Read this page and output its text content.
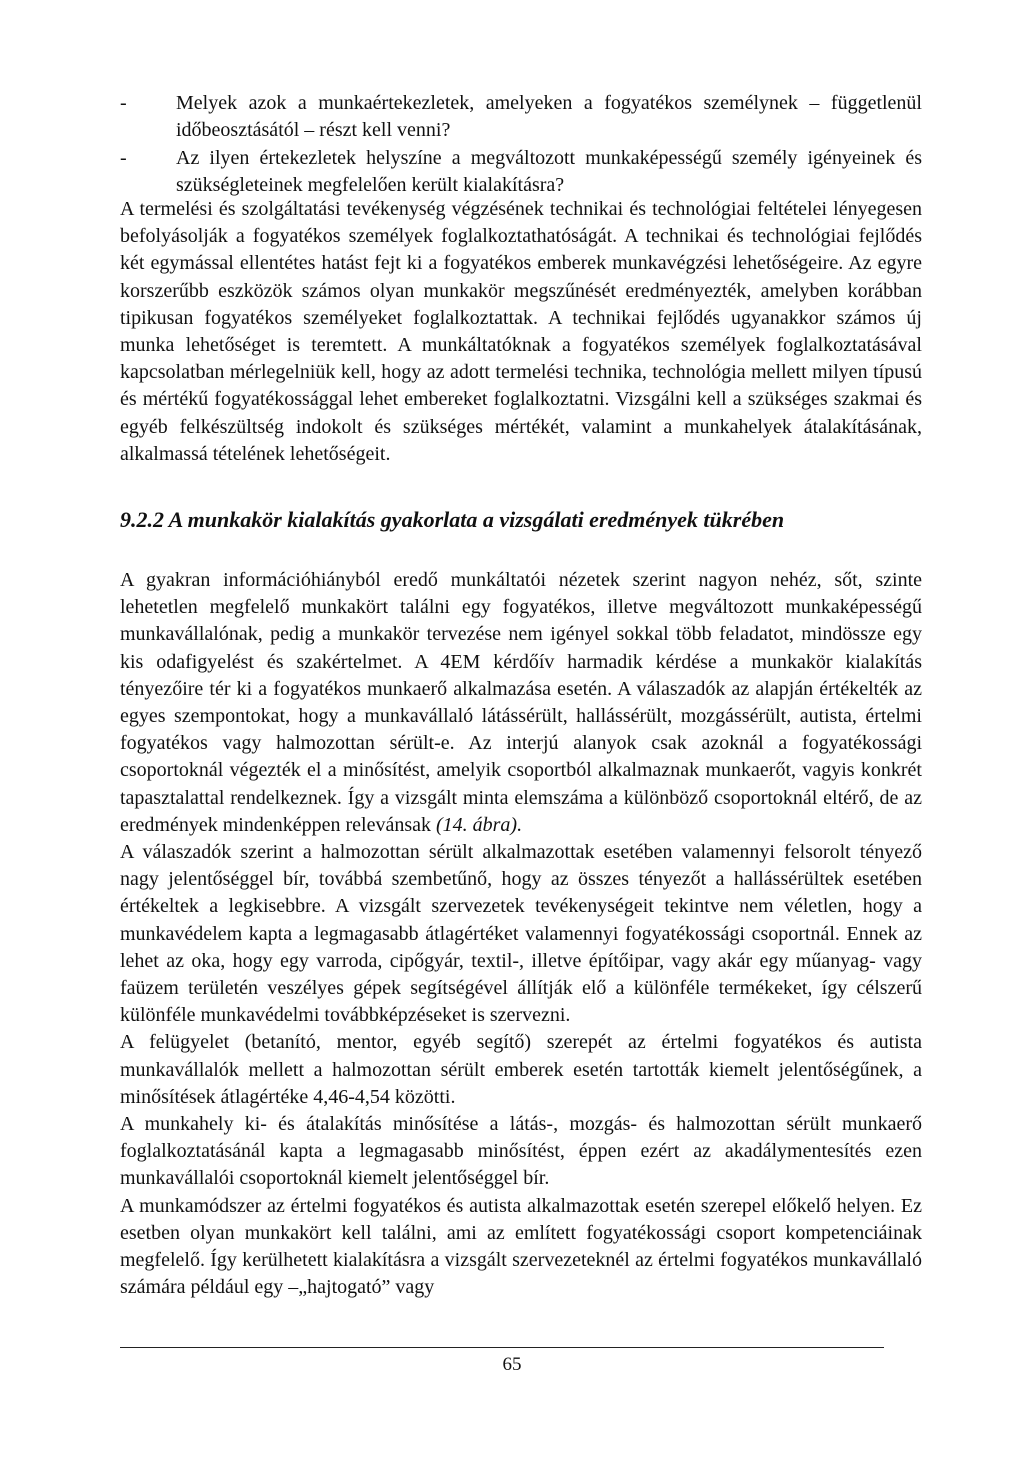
- Melyek azok a munkaértekezletek, amelyeken a fogyatékos személynek – függetlenül időbeosztásától – részt kell venni?
- Az ilyen értekezletek helyszíne a megváltozott munkaképességű személy igényeinek és szükségleteinek megfelelően került kialakításra?

A termelési és szolgáltatási tevékenység végzésének technikai és technológiai feltételei lényegesen befolyásolják a fogyatékos személyek foglalkoztathatóságát. A technikai és technológiai fejlődés két egymással ellentétes hatást fejt ki a fogyatékos emberek munkavégzési lehetőségeire. Az egyre korszerűbb eszközök számos olyan munkakör megszűnését eredményezték, amelyben korábban tipikusan fogyatékos személyeket foglalkoztattak. A technikai fejlődés ugyanakkor számos új munka lehetőséget is teremtett. A munkáltatóknak a fogyatékos személyek foglalkoztatásával kapcsolatban mérlegelniük kell, hogy az adott termelési technika, technológia mellett milyen típusú és mértékű fogyatékossággal lehet embereket foglalkoztatni. Vizsgálni kell a szükséges szakmai és egyéb felkészültség indokolt és szükséges mértékét, valamint a munkahelyek átalakításának, alkalmassá tételének lehetőségeit.

9.2.2 A munkakör kialakítás gyakorlata a vizsgálati eredmények tükrében

A gyakran információhiányból eredő munkáltatói nézetek szerint nagyon nehéz, sőt, szinte lehetetlen megfelelő munkakört találni egy fogyatékos, illetve megváltozott munkaképességű munkavállalónak, pedig a munkakör tervezése nem igényel sokkal több feladatot, mindössze egy kis odafigyelést és szakértelmet. A 4EM kérdőív harmadik kérdése a munkakör kialakítás tényezőire tér ki a fogyatékos munkaerő alkalmazása esetén. A válaszadók az alapján értékelték az egyes szempontokat, hogy a munkavállaló látássérült, hallássérült, mozgássérült, autista, értelmi fogyatékos vagy halmozottan sérült-e. Az interjú alanyok csak azoknál a fogyatékossági csoportoknál végezték el a minősítést, amelyik csoportból alkalmaznak munkaerőt, vagyis konkrét tapasztalattal rendelkeznek. Így a vizsgált minta elemszáma a különböző csoportoknál eltérő, de az eredmények mindenképpen relevánsak (14. ábra).

A válaszadók szerint a halmozottan sérült alkalmazottak esetében valamennyi felsorolt tényező nagy jelentőséggel bír, továbbá szembetűnő, hogy az összes tényezőt a hallássérültek esetében értékeltek a legkisebbre. A vizsgált szervezetek tevékenységeit tekintve nem véletlen, hogy a munkavédelem kapta a legmagasabb átlagértéket valamennyi fogyatékossági csoportnál. Ennek az lehet az oka, hogy egy varroda, cipőgyár, textil-, illetve építőipar, vagy akár egy műanyag- vagy faüzem területén veszélyes gépek segítségével állítják elő a különféle termékeket, így célszerű különféle munkavédelmi továbbképzéseket is szervezni.

A felügyelet (betanító, mentor, egyéb segítő) szerepét az értelmi fogyatékos és autista munkavállalók mellett a halmozottan sérült emberek esetén tartották kiemelt jelentőségűnek, a minősítések átlagértéke 4,46-4,54 közötti.

A munkahely ki- és átalakítás minősítése a látás-, mozgás- és halmozottan sérült munkaerő foglalkoztatásánál kapta a legmagasabb minősítést, éppen ezért az akadálymentesítés ezen munkavállalói csoportoknál kiemelt jelentőséggel bír.

A munkamódszer az értelmi fogyatékos és autista alkalmazottak esetén szerepel előkelő helyen. Ez esetben olyan munkakört kell találni, ami az említett fogyatékossági csoport kompetenciáinak megfelelő. Így kerülhetett kialakításra a vizsgált szervezeteknél az értelmi fogyatékos munkavállaló számára például egy –„hajtogató” vagy

65
